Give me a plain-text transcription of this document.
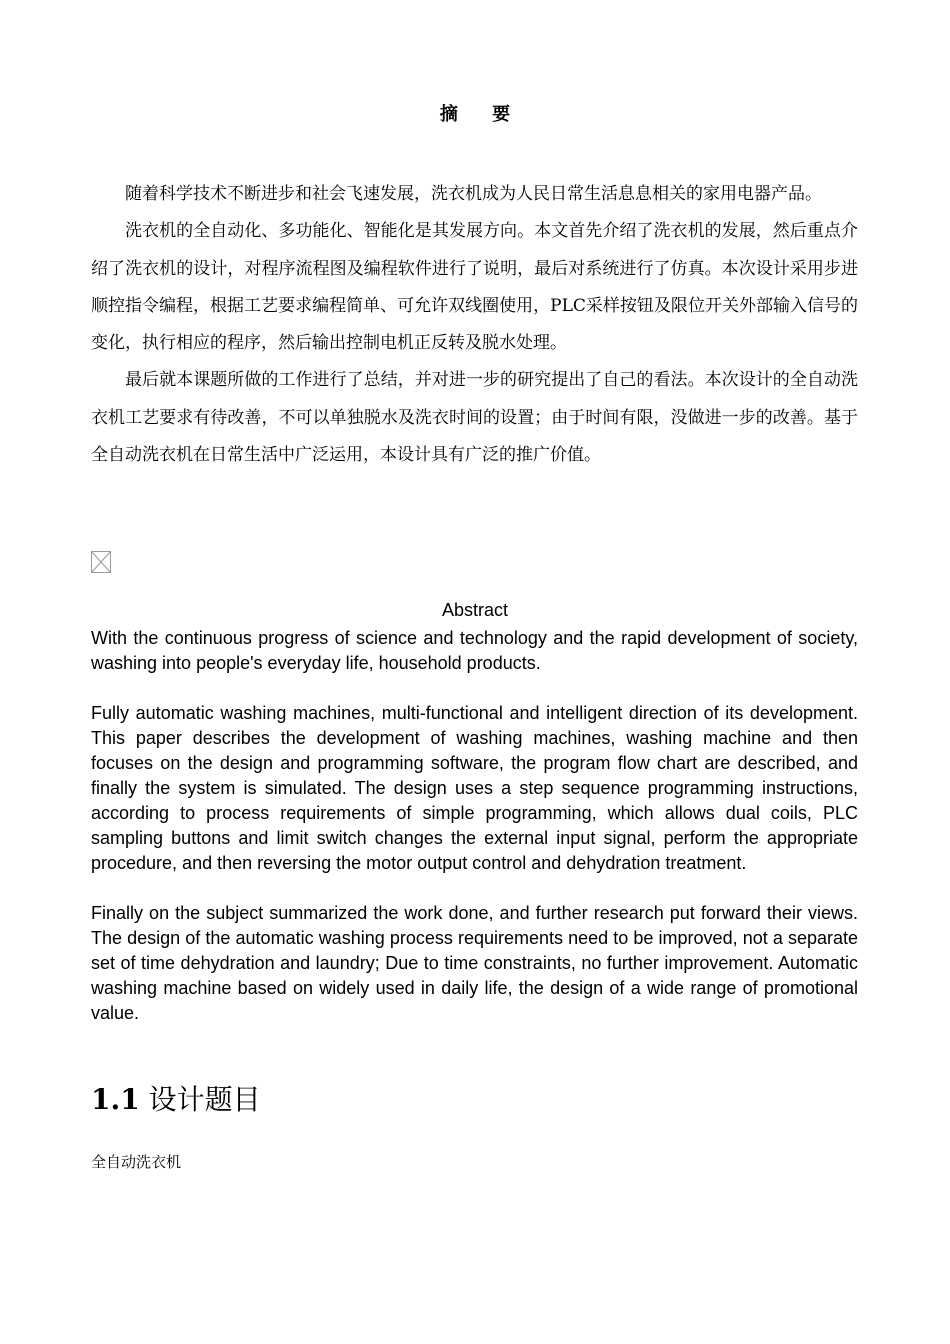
摘 要

随着科学技术不断进步和社会飞速发展，洗衣机成为人民日常生活息息相关的家用电器产品。

洗衣机的全自动化、多功能化、智能化是其发展方向。本文首先介绍了洗衣机的发展，然后重点介绍了洗衣机的设计，对程序流程图及编程软件进行了说明，最后对系统进行了仿真。本次设计采用步进顺控指令编程，根据工艺要求编程简单、可允许双线圈使用，PLC采样按钮及限位开关外部输入信号的变化，执行相应的程序，然后输出控制电机正反转及脱水处理。

最后就本课题所做的工作进行了总结，并对进一步的研究提出了自己的看法。本次设计的全自动洗衣机工艺要求有待改善，不可以单独脱水及洗衣时间的设置；由于时间有限，没做进一步的改善。基于全自动洗衣机在日常生活中广泛运用，本设计具有广泛的推广价值。

Abstract

With the continuous progress of science and technology and the rapid development of society, washing into people's everyday life, household products.

Fully automatic washing machines, multi-functional and intelligent direction of its development. This paper describes the development of washing machines, washing machine and then focuses on the design and programming software, the program flow chart are described, and finally the system is simulated. The design uses a step sequence programming instructions, according to process requirements of simple programming, which allows dual coils, PLC sampling buttons and limit switch changes the external input signal, perform the appropriate procedure, and then reversing the motor output control and dehydration treatment.

Finally on the subject summarized the work done, and further research put forward their views. The design of the automatic washing process requirements need to be improved, not a separate set of time dehydration and laundry; Due to time constraints, no further improvement. Automatic washing machine based on widely used in daily life, the design of a wide range of promotional value.

1.1 设计题目

全自动洗衣机
